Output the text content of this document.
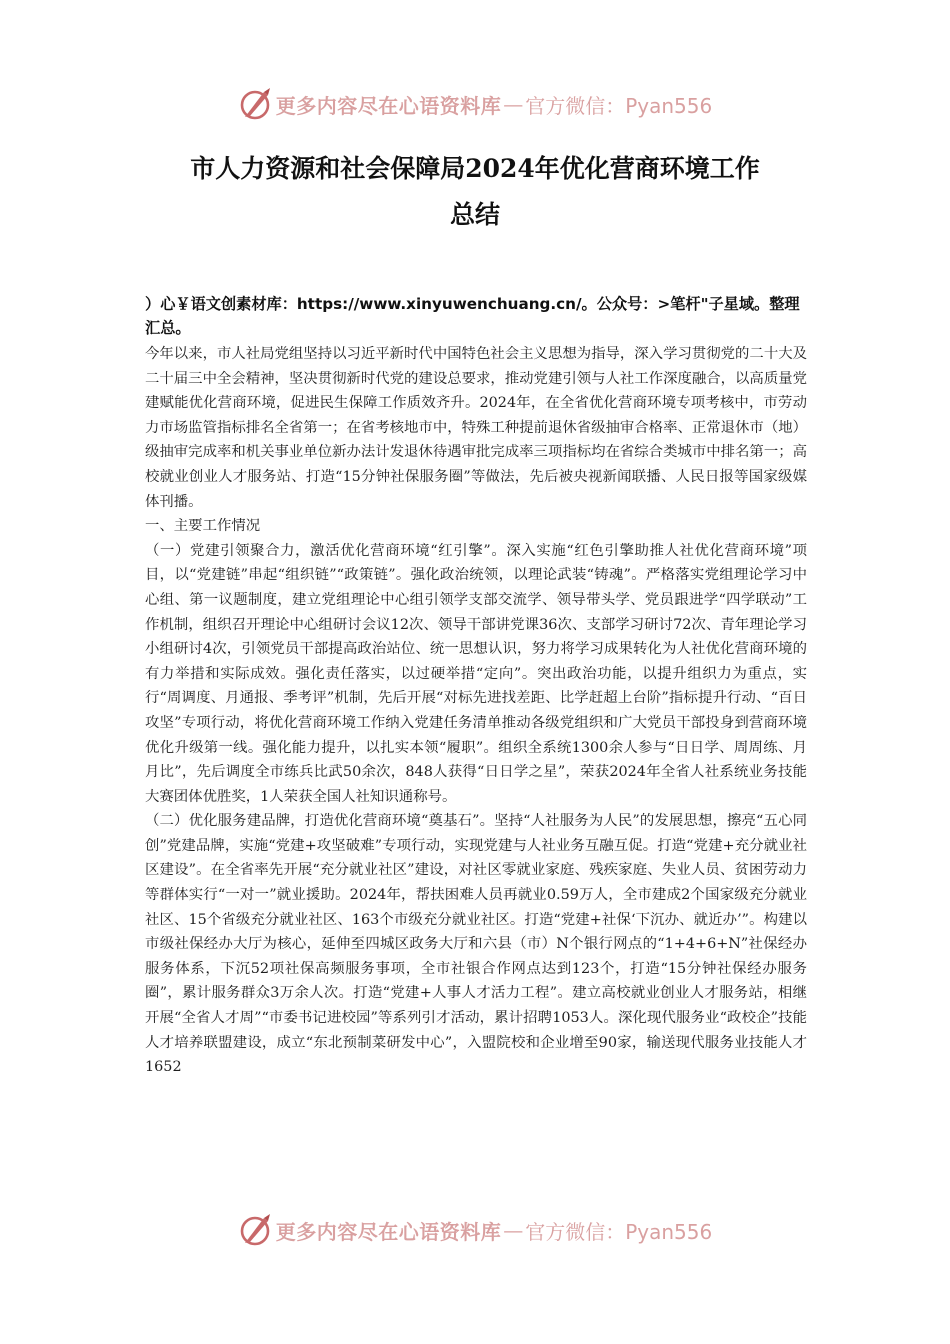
更多内容尽在心语资料库 — 官方微信：Pyan556
市人力资源和社会保障局2024年优化营商环境工作
总结

）心￥语文创素材库：https://www.xinyuwenchuang.cn/。公众号：>笔杆"子星域。整理汇总。

今年以来，市人社局党组坚持以习近平新时代中国特色社会主义思想为指导，深入学习贯彻党的二十大及二十届三中全会精神，坚决贯彻新时代党的建设总要求，推动党建引领与人社工作深度融合，以高质量党建赋能优化营商环境，促进民生保障工作质效齐升。2024年，在全省优化营商环境专项考核中，市劳动力市场监管指标排名全省第一；在省考核地市中，特殊工种提前退休省级抽审合格率、正常退休市（地）级抽审完成率和机关事业单位新办法计发退休待遇审批完成率三项指标均在省综合类城市中排名第一；高校就业创业人才服务站、打造“15分钟社保服务圈”等做法，先后被央视新闻联播、人民日报等国家级媒体刊播。

一、主要工作情况

（一）党建引领聚合力，激活优化营商环境“红引擎”。深入实施“红色引擎助推人社优化营商环境”项目，以“党建链”串起“组织链”“政策链”。强化政治统领，以理论武装“铸魂”。严格落实党组理论学习中心组、第一议题制度，建立党组理论中心组引领学支部交流学、领导带头学、党员跟进学“四学联动”工作机制，组织召开理论中心组研讨会议12次、领导干部讲党课36次、支部学习研讨72次、青年理论学习小组研讨4次，引领党员干部提高政治站位、统一思想认识，努力将学习成果转化为人社优化营商环境的有力举措和实际成效。强化责任落实，以过硬举措“定向”。突出政治功能，以提升组织力为重点，实行“周调度、月通报、季考评”机制，先后开展“对标先进找差距、比学赶超上台阶”指标提升行动、“百日攻坚”专项行动，将优化营商环境工作纳入党建任务清单推动各级党组织和广大党员干部投身到营商环境优化升级第一线。强化能力提升，以扎实本领“履职”。组织全系统1300余人参与“日日学、周周练、月月比”，先后调度全市练兵比武50余次，848人获得“日日学之星”，荣获2024年全省人社系统业务技能大赛团体优胜奖，1人荣获全国人社知识通称号。

（二）优化服务建品牌，打造优化营商环境“奠基石”。坚持“人社服务为人民”的发展思想，擦亮“五心同创”党建品牌，实施“党建+攻坚破难”专项行动，实现党建与人社业务互融互促。打造“党建+充分就业社区建设”。在全省率先开展“充分就业社区”建设，对社区零就业家庭、残疾家庭、失业人员、贫困劳动力等群体实行“一对一”就业援助。2024年，帮扶困难人员再就业0.59万人，全市建成2个国家级充分就业社区、15个省级充分就业社区、163个市级充分就业社区。打造“党建+社保‘下沉办、就近办’”。构建以市级社保经办大厅为核心，延伸至四城区政务大厅和六县（市）N个银行网点的“1+4+6+N”社保经办服务体系，下沉52项社保高频服务事项，全市社银合作网点达到123个，打造“15分钟社保经办服务圈”，累计服务群众3万余人次。打造“党建+人事人才活力工程”。建立高校就业创业人才服务站，相继开展“全省人才周”“市委书记进校园”等系列引才活动，累计招聘1053人。深化现代服务业“政校企”技能人才培养联盟建设，成立“东北预制菜研发中心”，入盟院校和企业增至90家，输送现代服务业技能人才1652

更多内容尽在心语资料库 — 官方微信：Pyan556
